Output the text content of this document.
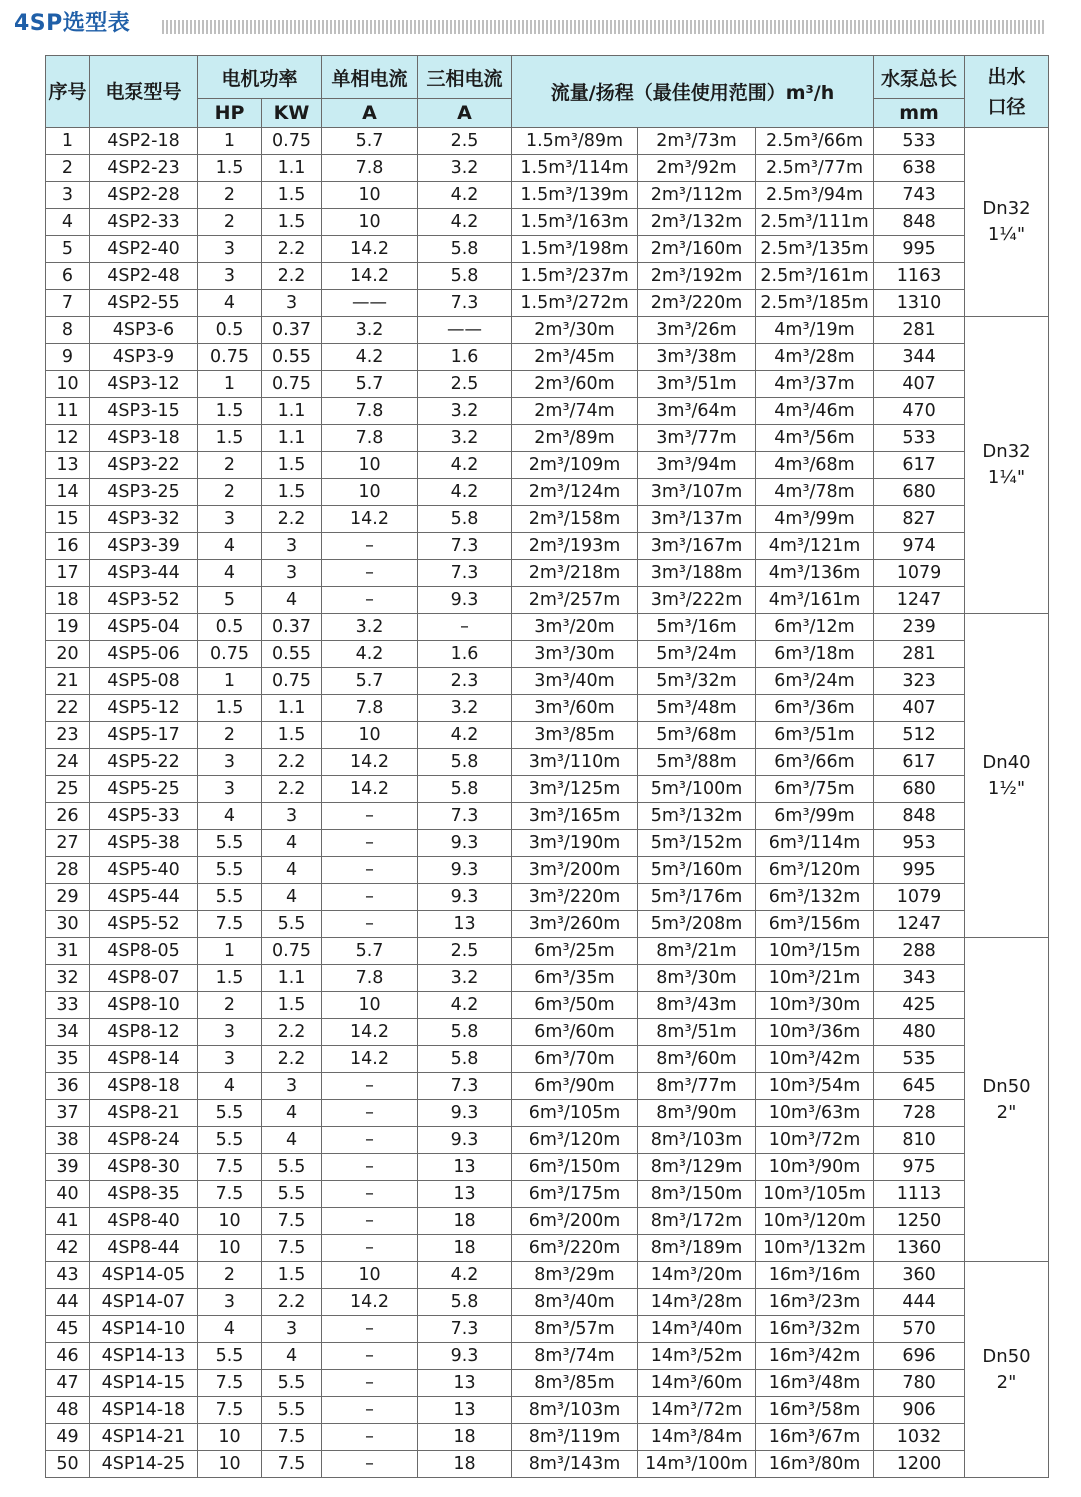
4SP选型表
序号	电泵型号	电机功率		单相电流	三相电流	流量/扬程（最佳使用范围）m³/h			水泵总长	出水口径
		HP	KW	A	A				mm	
1	4SP2-18	1	0.75	5.7	2.5	1.5m³/89m	2m³/73m	2.5m³/66m	533	Dn32
1¼"

2	4SP2-23	1.5	1.1	7.8	3.2	1.5m³/114m	2m³/92m	2.5m³/77m	638	
3	4SP2-28	2	1.5	10	4.2	1.5m³/139m	2m³/112m	2.5m³/94m	743	
4	4SP2-33	2	1.5	10	4.2	1.5m³/163m	2m³/132m	2.5m³/111m	848	
5	4SP2-40	3	2.2	14.2	5.8	1.5m³/198m	2m³/160m	2.5m³/135m	995	
6	4SP2-48	3	2.2	14.2	5.8	1.5m³/237m	2m³/192m	2.5m³/161m	1163	
7	4SP2-55	4	3	——	7.3	1.5m³/272m	2m³/220m	2.5m³/185m	1310	
8	4SP3-6	0.5	0.37	3.2	——	2m³/30m	3m³/26m	4m³/19m	281	Dn32
1¼"

9	4SP3-9	0.75	0.55	4.2	1.6	2m³/45m	3m³/38m	4m³/28m	344	
10	4SP3-12	1	0.75	5.7	2.5	2m³/60m	3m³/51m	4m³/37m	407	
11	4SP3-15	1.5	1.1	7.8	3.2	2m³/74m	3m³/64m	4m³/46m	470	
12	4SP3-18	1.5	1.1	7.8	3.2	2m³/89m	3m³/77m	4m³/56m	533	
13	4SP3-22	2	1.5	10	4.2	2m³/109m	3m³/94m	4m³/68m	617	
14	4SP3-25	2	1.5	10	4.2	2m³/124m	3m³/107m	4m³/78m	680	
15	4SP3-32	3	2.2	14.2	5.8	2m³/158m	3m³/137m	4m³/99m	827	
16	4SP3-39	4	3	–	7.3	2m³/193m	3m³/167m	4m³/121m	974	
17	4SP3-44	4	3	–	7.3	2m³/218m	3m³/188m	4m³/136m	1079	
18	4SP3-52	5	4	–	9.3	2m³/257m	3m³/222m	4m³/161m	1247	
19	4SP5-04	0.5	0.37	3.2	–	3m³/20m	5m³/16m	6m³/12m	239	Dn40
1½"

20	4SP5-06	0.75	0.55	4.2	1.6	3m³/30m	5m³/24m	6m³/18m	281	
21	4SP5-08	1	0.75	5.7	2.3	3m³/40m	5m³/32m	6m³/24m	323	
22	4SP5-12	1.5	1.1	7.8	3.2	3m³/60m	5m³/48m	6m³/36m	407	
23	4SP5-17	2	1.5	10	4.2	3m³/85m	5m³/68m	6m³/51m	512	
24	4SP5-22	3	2.2	14.2	5.8	3m³/110m	5m³/88m	6m³/66m	617	
25	4SP5-25	3	2.2	14.2	5.8	3m³/125m	5m³/100m	6m³/75m	680	
26	4SP5-33	4	3	–	7.3	3m³/165m	5m³/132m	6m³/99m	848	
27	4SP5-38	5.5	4	–	9.3	3m³/190m	5m³/152m	6m³/114m	953	
28	4SP5-40	5.5	4	–	9.3	3m³/200m	5m³/160m	6m³/120m	995	
29	4SP5-44	5.5	4	–	9.3	3m³/220m	5m³/176m	6m³/132m	1079	
30	4SP5-52	7.5	5.5	–	13	3m³/260m	5m³/208m	6m³/156m	1247	
31	4SP8-05	1	0.75	5.7	2.5	6m³/25m	8m³/21m	10m³/15m	288	Dn50
2"

32	4SP8-07	1.5	1.1	7.8	3.2	6m³/35m	8m³/30m	10m³/21m	343	
33	4SP8-10	2	1.5	10	4.2	6m³/50m	8m³/43m	10m³/30m	425	
34	4SP8-12	3	2.2	14.2	5.8	6m³/60m	8m³/51m	10m³/36m	480	
35	4SP8-14	3	2.2	14.2	5.8	6m³/70m	8m³/60m	10m³/42m	535	
36	4SP8-18	4	3	–	7.3	6m³/90m	8m³/77m	10m³/54m	645	
37	4SP8-21	5.5	4	–	9.3	6m³/105m	8m³/90m	10m³/63m	728	
38	4SP8-24	5.5	4	–	9.3	6m³/120m	8m³/103m	10m³/72m	810	
39	4SP8-30	7.5	5.5	–	13	6m³/150m	8m³/129m	10m³/90m	975	
40	4SP8-35	7.5	5.5	–	13	6m³/175m	8m³/150m	10m³/105m	1113	
41	4SP8-40	10	7.5	–	18	6m³/200m	8m³/172m	10m³/120m	1250	
42	4SP8-44	10	7.5	–	18	6m³/220m	8m³/189m	10m³/132m	1360	
43	4SP14-05	2	1.5	10	4.2	8m³/29m	14m³/20m	16m³/16m	360	Dn50
2"

44	4SP14-07	3	2.2	14.2	5.8	8m³/40m	14m³/28m	16m³/23m	444	
45	4SP14-10	4	3	–	7.3	8m³/57m	14m³/40m	16m³/32m	570	
46	4SP14-13	5.5	4	–	9.3	8m³/74m	14m³/52m	16m³/42m	696	
47	4SP14-15	7.5	5.5	–	13	8m³/85m	14m³/60m	16m³/48m	780	
48	4SP14-18	7.5	5.5	–	13	8m³/103m	14m³/72m	16m³/58m	906	
49	4SP14-21	10	7.5	–	18	8m³/119m	14m³/84m	16m³/67m	1032	
50	4SP14-25	10	7.5	–	18	8m³/143m	14m³/100m	16m³/80m	1200	
